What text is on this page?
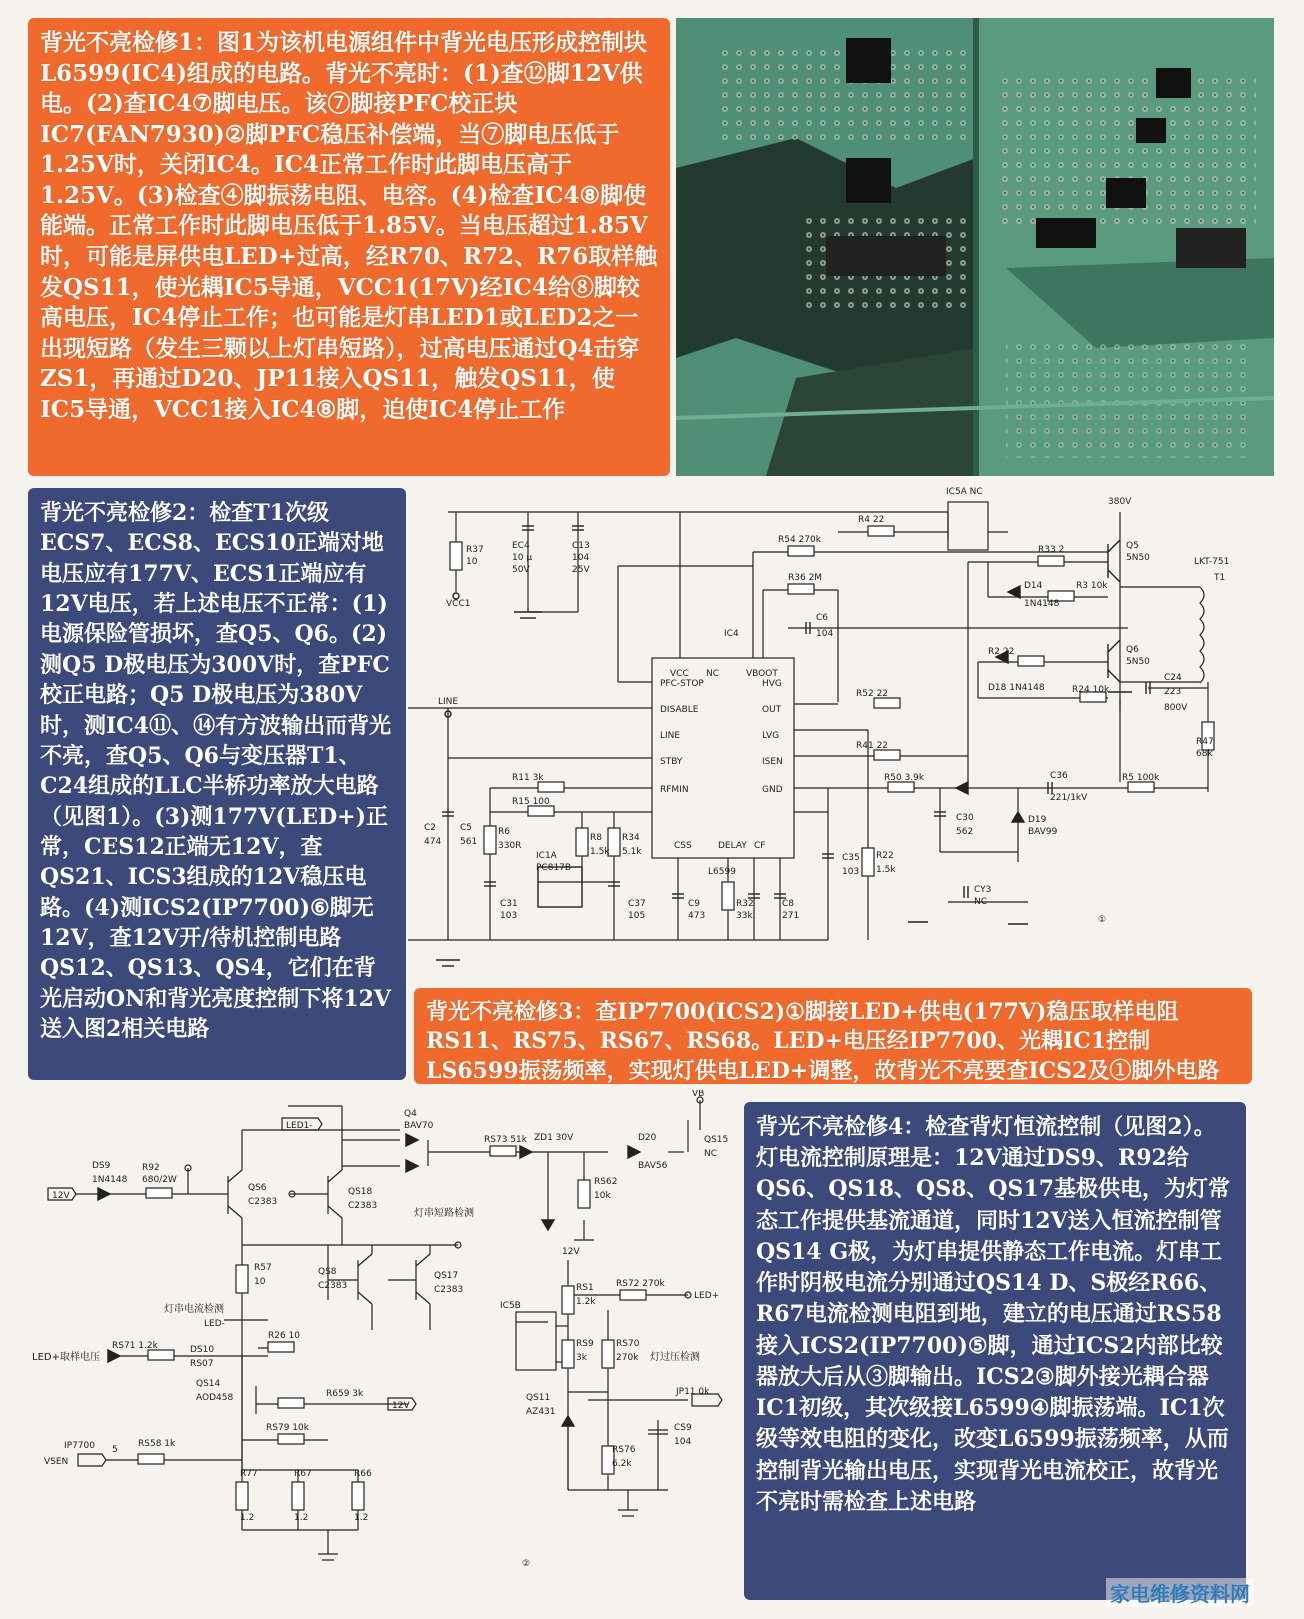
背光不亮检修1：图1为该机电源组件中背光电压形成控制块L6599(IC4)组成的电路。背光不亮时：(1)查⑫脚12V供电。(2)查IC4⑦脚电压。该⑦脚接PFC校正块IC7(FAN7930)②脚PFC稳压补偿端，当⑦脚电压低于1.25V时，关闭IC4。IC4正常工作时此脚电压高于1.25V。(3)检查④脚振荡电阻、电容。(4)检查IC4⑧脚使能端。正常工作时此脚电压低于1.85V。当电压超过1.85V时，可能是屏供电LED+过高，经R70、R72、R76取样触发QS11，使光耦IC5导通，VCC1(17V)经IC4给⑧脚较高电压，IC4停止工作；也可能是灯串LED1或LED2之一出现短路（发生三颗以上灯串短路），过高电压通过Q4击穿ZS1，再通过D20、JP11接入QS11，触发QS11，使IC5导通，VCC1接入IC4⑧脚，迫使IC4停止工作
背光不亮检修2：检查T1次级ECS7、ECS8、ECS10正端对地电压应有177V、ECS1正端应有12V电压，若上述电压不正常：(1)电源保险管损坏，查Q5、Q6。(2)测Q5 D极电压为300V时，查PFC校正电路；Q5 D极电压为380V时，测IC4⑪、⑭有方波输出而背光不亮，查Q5、Q6与变压器T1、C24组成的LLC半桥功率放大电路（见图1）。(3)测177V(LED+)正常，CES12正端无12V，查QS21、ICS3组成的12V稳压电路。(4)测ICS2(IP7700)⑥脚无12V，查12V开/待机控制电路QS12、QS13、QS4，它们在背光启动ON和背光亮度控制下将12V送入图2相关电路
IC5A NC
380V
LKT-751
T1
R37
10
VCC1
EC4
10 μ
50V
C13
104
25V
R4 22
R54 270k
R36 2M
C6
104
R33 2	Q5
5N50
D14
1N4148
R3 10k
R2 22	Q6
5N50
D18 1N4148	R24 10k
C24
223
800V
R52 22
R41 22	R47
68k
R50 3.9k	C36
221/1kV
R5 100k
C30
562
D19
BAV99
LINE
R11 3k
R15 100
R6
330R
C2
474
C5
561
IC1A
PC817B
C31
103
R8
1.5k
R34
5.1k
C37
105
C9
473
R32
33k
C8
271
C35
103
R22
1.5k
CY3
NC
IC4
L6599
PFC-STOP
DISABLE
LINE
STBY
RFMIN
HVG
OUT
LVG
ISEN
GND
VCC NC	VBOOT
CSS	DELAY CF
①
背光不亮检修3：查IP7700(ICS2)①脚接LED+供电(177V)稳压取样电阻RS11、RS75、RS67、RS68。LED+电压经IP7700、光耦IC1控制LS6599振荡频率，实现灯供电LED+调整，故背光不亮要查ICS2及①脚外电路
LED1-
Q4
BAV70
RS73 51k ZD1 30V	D20
BAV56
QS15
NC
VB
RS62
10k
DS9
1N4148
R92
680/2W
12V
QS6
C2383
QS18
C2383
灯串短路检测
R57
10
QS8
C2383
QS17
C2383
灯串电流检测
LED-
R26 10
RS71 1.2k	DS10
RS07
LED+取样电压
QS14
AOD458	R659 3k
12V
RS79 10k
IP7700
VSEN
5
RS58 1k
R77
1.2
R67
1.2
R66
1.2
RS1
1.2k
12V
RS72 270k
LED+
IC5B
RS9
3k
RS70
270k 灯过压检测
QS11
AZ431
JP11 0k
RS76
6.2k
CS9
104
②
背光不亮检修4：检查背灯恒流控制（见图2）。灯电流控制原理是：12V通过DS9、R92给QS6、QS18、QS8、QS17基极供电，为灯常态工作提供基流通道，同时12V送入恒流控制管QS14 G极，为灯串提供静态工作电流。灯串工作时阴极电流分别通过QS14 D、S极经R66、R67电流检测电阻到地，建立的电压通过RS58接入ICS2(IP7700)⑤脚，通过ICS2内部比较器放大后从③脚输出。ICS2③脚外接光耦合器IC1初级，其次级接L6599④脚振荡端。IC1次级等效电阻的变化，改变L6599振荡频率，从而控制背光输出电压，实现背光电流校正，故背光不亮时需检查上述电路
家电维修资料网
